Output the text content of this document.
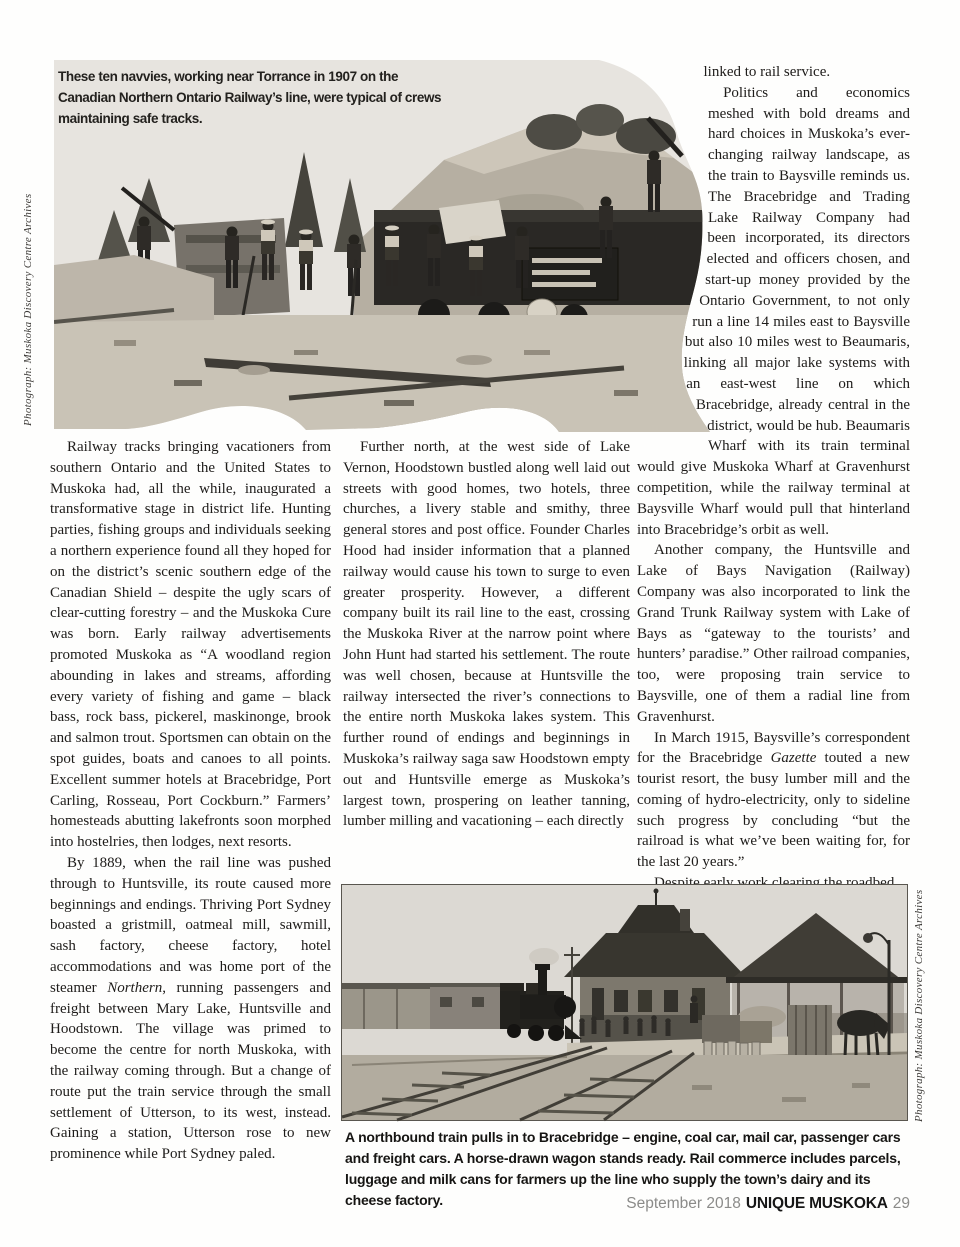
Photograph: Muskoka Discovery Centre Archives
These ten navvies, working near Torrance in 1907 on the Canadian Northern Ontario Railway’s line, were typical of crews maintaining safe tracks.

linked to rail service.

Politics and economics meshed with bold dreams and hard choices in Muskoka’s ever-changing railway landscape, as the train to Baysville reminds us. The Bracebridge and Trading Lake Railway Company had been incorporated, its directors elected and officers chosen, and start-up money provided by the Ontario Government, to not only run a line 14 miles east to Baysville but also 10 miles west to Beaumaris, linking all major lake systems with an east-west line on which Bracebridge, already central in the district, would be hub. Beaumaris Wharf with its train terminal would give Muskoka Wharf at Gravenhurst competition, while the railway terminal at Baysville Wharf would pull that hinterland into Bracebridge’s orbit as well.

Another company, the Huntsville and Lake of Bays Navigation (Railway) Company was also incorporated to link the Grand Trunk Railway system with Lake of Bays as “gateway to the tourists’ and hunters’ paradise.” Other railroad companies, too, were proposing train service to Baysville, one of them a radial line from Gravenhurst.

In March 1915, Baysville’s correspondent for the Bracebridge Gazette touted a new tourist resort, the busy lumber mill and the coming of hydro-electricity, only to sideline such progress by concluding “but the railroad is what we’ve been waiting for, for the last 20 years.”

Railway tracks bringing vacationers from southern Ontario and the United States to Muskoka had, all the while, inaugurated a transformative stage in district life. Hunting parties, fishing groups and individuals seeking a northern experience found all they hoped for on the district’s scenic southern edge of the Canadian Shield – despite the ugly scars of clear-cutting forestry – and the Muskoka Cure was born. Early railway advertisements promoted Muskoka as “A woodland region abounding in lakes and streams, affording every variety of fishing and game – black bass, rock bass, pickerel, maskinonge, brook and salmon trout. Sportsmen can obtain on the spot guides, boats and canoes to all points. Excellent summer hotels at Bracebridge, Port Carling, Rosseau, Port Cockburn.” Farmers’ homesteads abutting lakefronts soon morphed into hostelries, then lodges, next resorts.

By 1889, when the rail line was pushed through to Huntsville, its route caused more beginnings and endings. Thriving Port Sydney boasted a gristmill, oatmeal mill, sawmill, sash factory, cheese factory, hotel accommodations and was home port of the steamer Northern, running passengers and freight between Mary Lake, Huntsville and Hoodstown. The village was primed to become the centre for north Muskoka, with the railway coming through. But a change of route put the train service through the small settlement of Utterson, to its west, instead. Gaining a station, Utterson rose to new prominence while Port Sydney paled.

Further north, at the west side of Lake Vernon, Hoodstown bustled along well laid out streets with good homes, two hotels, three churches, a livery stable and smithy, three general stores and post office. Founder Charles Hood had insider information that a planned railway would cause his town to surge to even greater prosperity. However, a different company built its rail line to the east, crossing the Muskoka River at the narrow point where John Hunt had started his settlement. The route was well chosen, because at Huntsville the railway intersected the river’s connections to the entire north Muskoka lakes system. This further round of endings and beginnings in Muskoka’s railway saga saw Hoodstown empty out and Huntsville emerge as Muskoka’s largest town, prospering on leather tanning, lumber milling and vacationing – each directly

Photograph: Muskoka Discovery Centre Archives
A northbound train pulls in to Bracebridge – engine, coal car, mail car, passenger cars and freight cars. A horse-drawn wagon stands ready. Rail commerce includes parcels, luggage and milk cans for farmers up the line who supply the town’s dairy and its cheese factory.	September 2018 UNIQUE MUSKOKA 29
